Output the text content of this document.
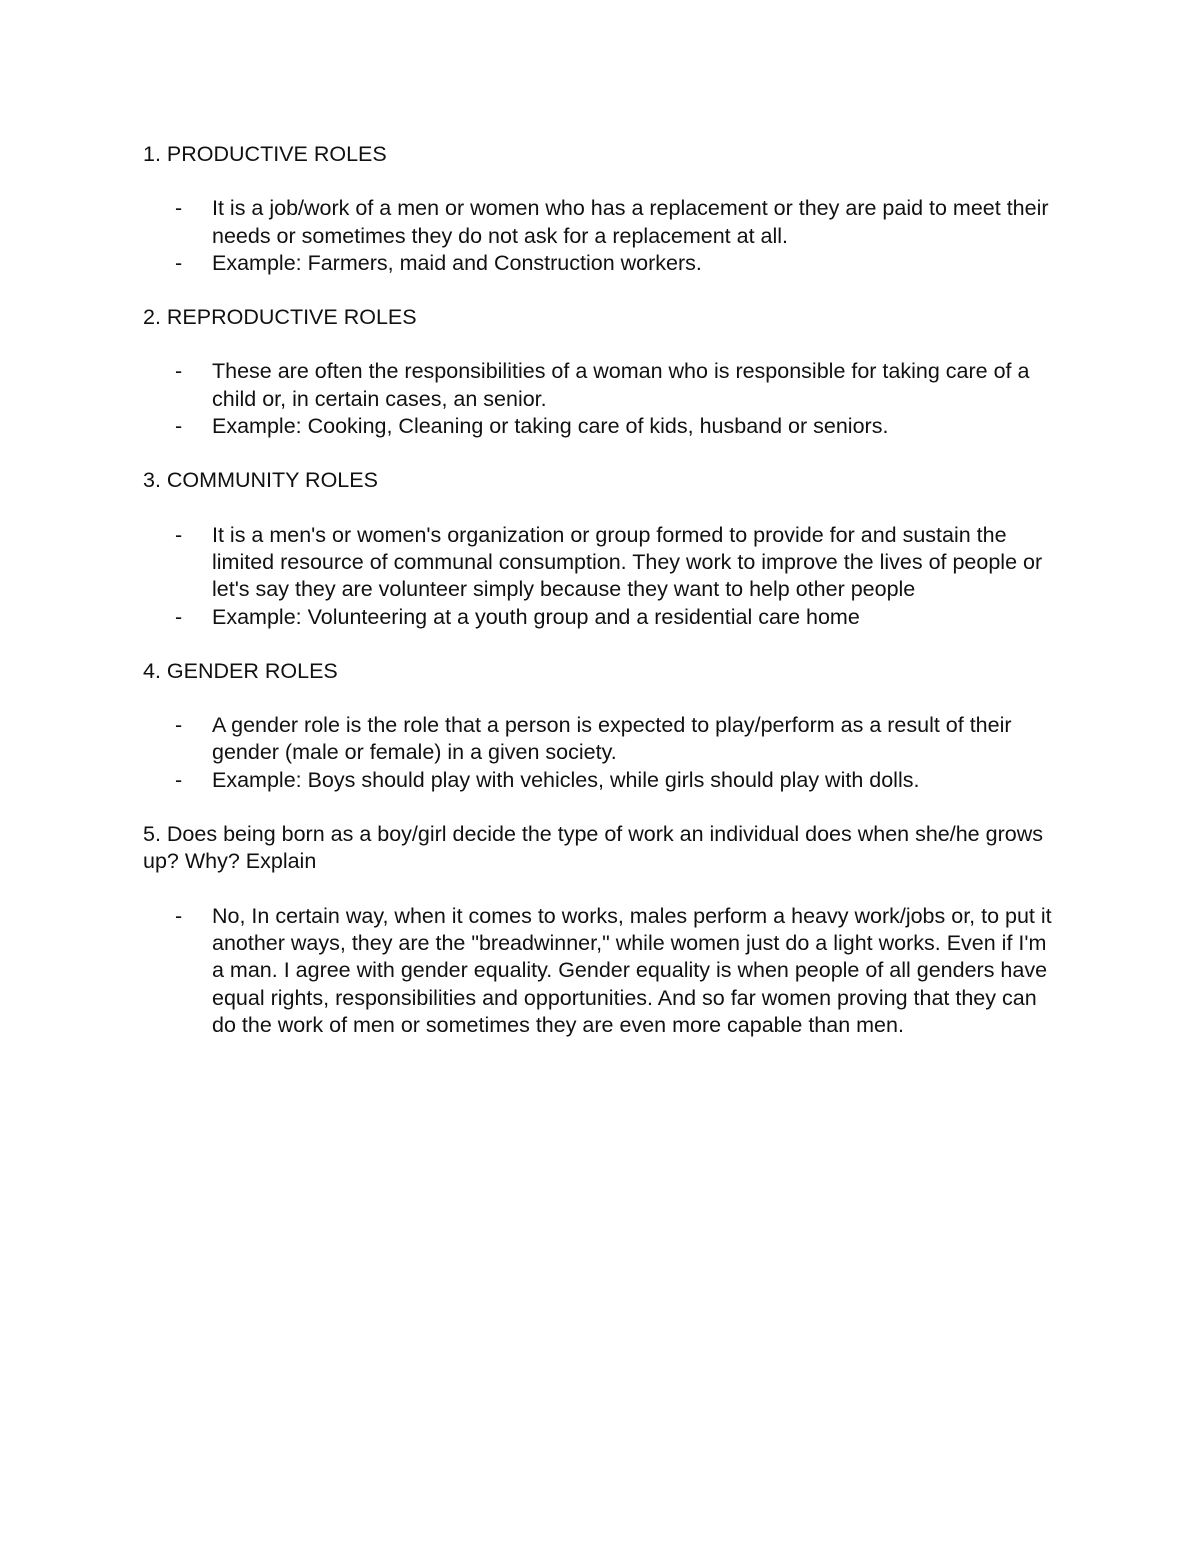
1. PRODUCTIVE ROLES
- It is a job/work of a men or women who has a replacement or they are paid to meet their needs or sometimes they do not ask for a replacement at all.
- Example: Farmers, maid and Construction workers.
2. REPRODUCTIVE ROLES
- These are often the responsibilities of a woman who is responsible for taking care of a child or, in certain cases, an senior.
- Example: Cooking, Cleaning or taking care of kids, husband or seniors.
3. COMMUNITY ROLES
- It is a men's or women's organization or group formed to provide for and sustain the limited resource of communal consumption. They work to improve the lives of people or let's say they are volunteer simply because they want to help other people
- Example: Volunteering at a youth group and a residential care home
4. GENDER ROLES
- A gender role is the role that a person is expected to play/perform as a result of their gender (male or female) in a given society.
- Example: Boys should play with vehicles, while girls should play with dolls.
5. Does being born as a boy/girl decide the type of work an individual does when she/he grows up? Why? Explain
- No, In certain way, when it comes to works, males perform a heavy work/jobs or, to put it another ways, they are the "breadwinner," while women just do a light works. Even if I'm a man. I agree with gender equality. Gender equality is when people of all genders have equal rights, responsibilities and opportunities. And so far women proving that they can do the work of men or sometimes they are even more capable than men.
